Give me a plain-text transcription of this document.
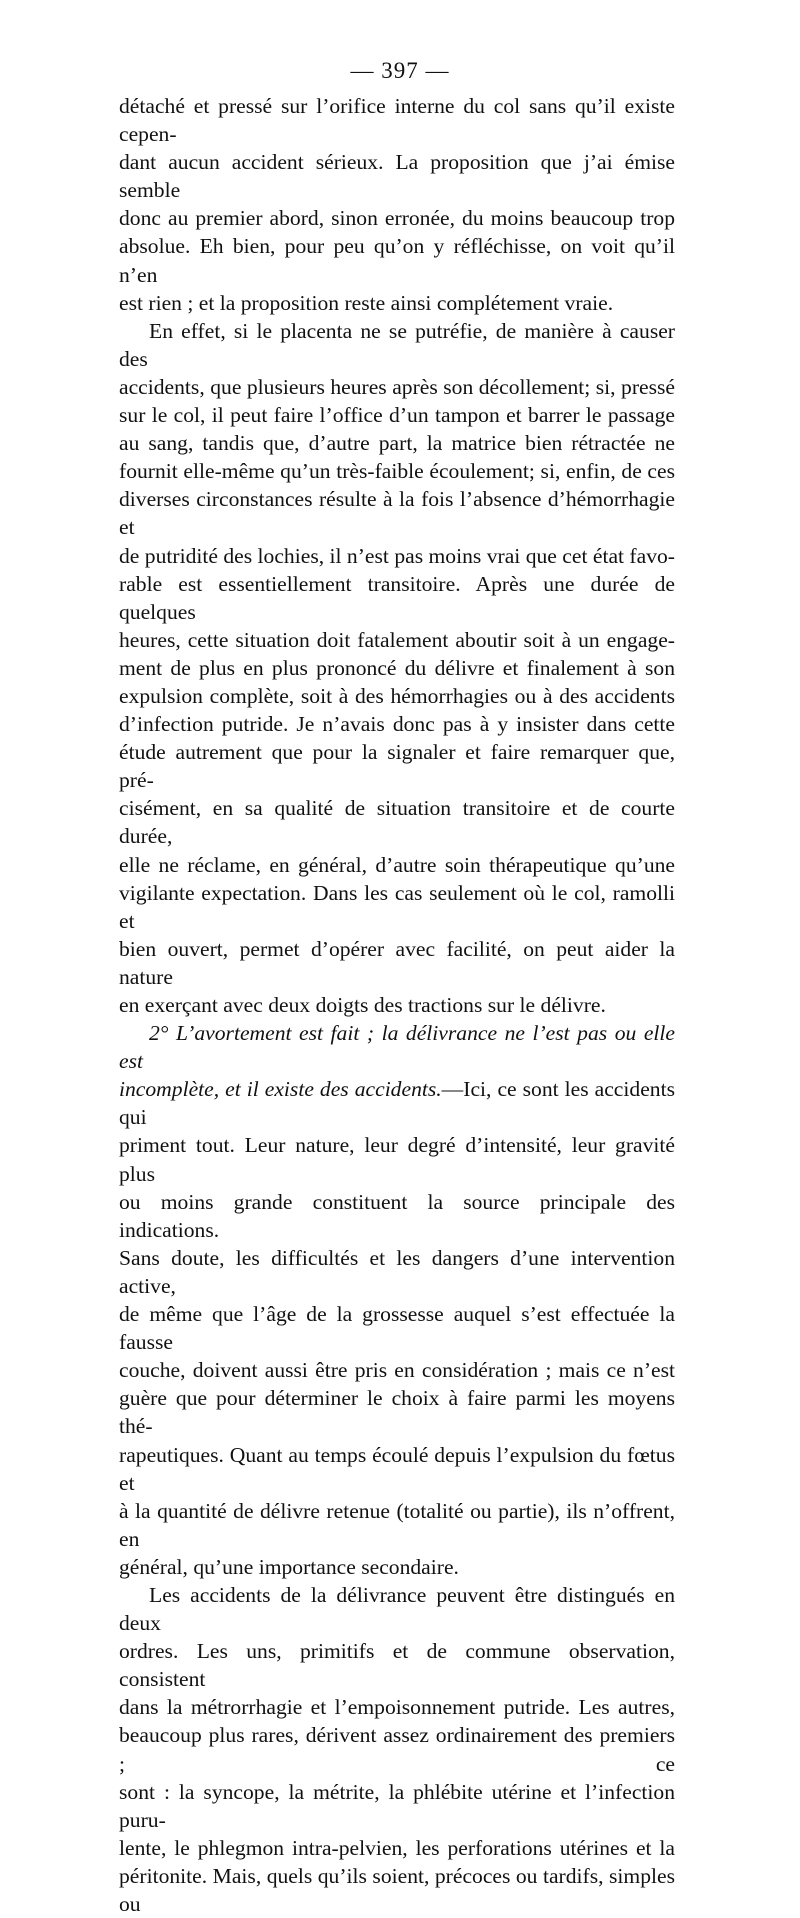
— 397 —

détaché et pressé sur l’orifice interne du col sans qu’il existe cepen-

dant aucun accident sérieux. La proposition que j’ai émise semble

donc au premier abord, sinon erronée, du moins beaucoup trop

absolue. Eh bien, pour peu qu’on y réfléchisse, on voit qu’il n’en

est rien ; et la proposition reste ainsi complétement vraie.

En effet, si le placenta ne se putréfie, de manière à causer des

accidents, que plusieurs heures après son décollement; si, pressé

sur le col, il peut faire l’office d’un tampon et barrer le passage

au sang, tandis que, d’autre part, la matrice bien rétractée ne

fournit elle-même qu’un très-faible écoulement; si, enfin, de ces

diverses circonstances résulte à la fois l’absence d’hémorrhagie et

de putridité des lochies, il n’est pas moins vrai que cet état favo-

rable est essentiellement transitoire. Après une durée de quelques

heures, cette situation doit fatalement aboutir soit à un engage-

ment de plus en plus prononcé du délivre et finalement à son

expulsion complète, soit à des hémorrhagies ou à des accidents

d’infection putride. Je n’avais donc pas à y insister dans cette

étude autrement que pour la signaler et faire remarquer que, pré-

cisément, en sa qualité de situation transitoire et de courte durée,

elle ne réclame, en général, d’autre soin thérapeutique qu’une

vigilante expectation. Dans les cas seulement où le col, ramolli et

bien ouvert, permet d’opérer avec facilité, on peut aider la nature

en exerçant avec deux doigts des tractions sur le délivre.

2° L’avortement est fait ; la délivrance ne l’est pas ou elle est

incomplète, et il existe des accidents.—Ici, ce sont les accidents qui

priment tout. Leur nature, leur degré d’intensité, leur gravité plus

ou moins grande constituent la source principale des indications.

Sans doute, les difficultés et les dangers d’une intervention active,

de même que l’âge de la grossesse auquel s’est effectuée la fausse

couche, doivent aussi être pris en considération ; mais ce n’est

guère que pour déterminer le choix à faire parmi les moyens thé-

rapeutiques. Quant au temps écoulé depuis l’expulsion du fœtus et

à la quantité de délivre retenue (totalité ou partie), ils n’offrent, en

général, qu’une importance secondaire.

Les accidents de la délivrance peuvent être distingués en deux

ordres. Les uns, primitifs et de commune observation, consistent

dans la métrorrhagie et l’empoisonnement putride. Les autres,

beaucoup plus rares, dérivent assez ordinairement des premiers ; ce

sont : la syncope, la métrite, la phlébite utérine et l’infection puru-

lente, le phlegmon intra-pelvien, les perforations utérines et la

péritonite. Mais, quels qu’ils soient, précoces ou tardifs, simples ou
